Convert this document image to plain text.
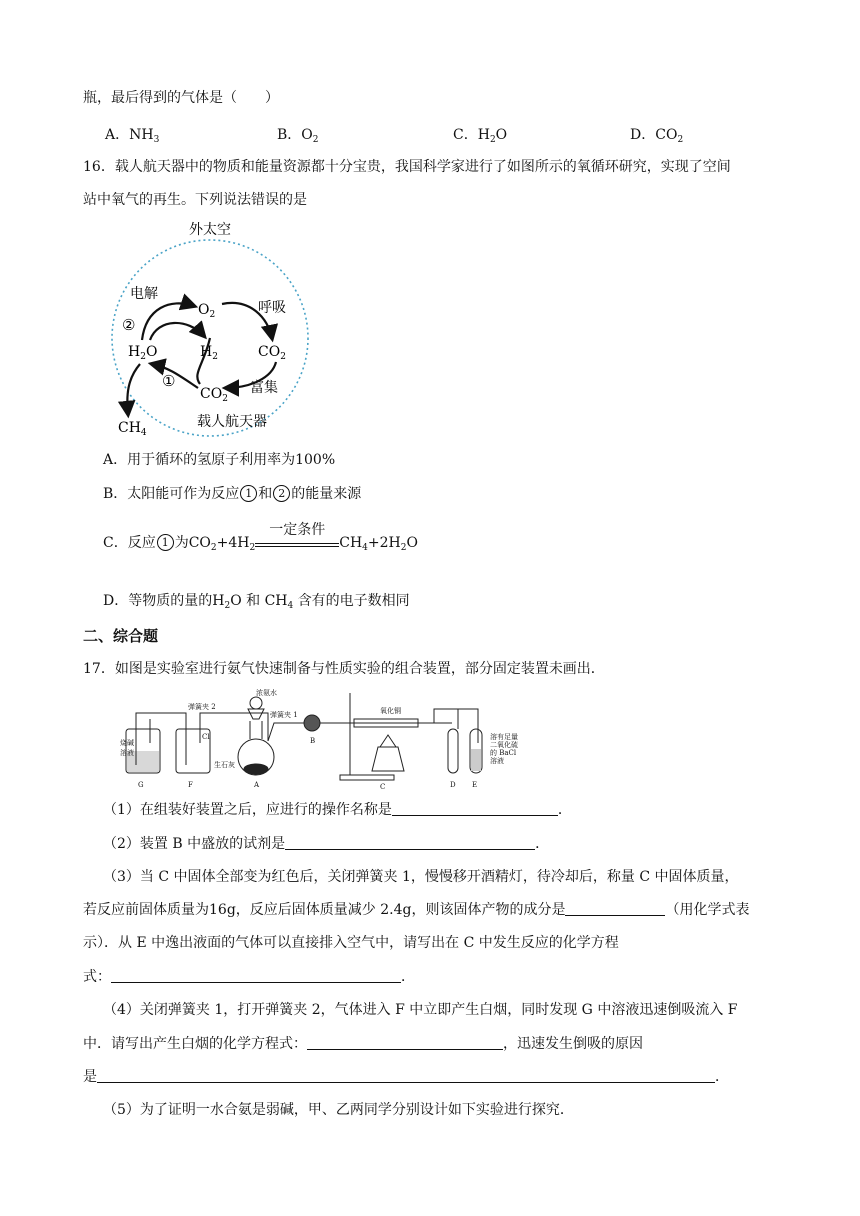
瓶，最后得到的气体是（　　）
A．$NH_3$	B．$O_2$	C．$H_2O$	D．$CO_2$
16．载人航天器中的物质和能量资源都十分宝贵，我国科学家进行了如图所示的氧循环研究，实现了空间
站中氧气的再生。下列说法错误的是
外太空
电解
呼吸
富集
载人航天器
②
①
$O_2$
$H_2O$	$H_2$	$CO_2$
$CO_2$
$CH_4$
A．用于循环的氢原子利用率为100%
B．太阳能可作为反应 1 和 2 的能量来源
C．反应 1 为$CO_2+4H_2$
一定条件
$CH_4+2H_2O$
D．等物质的量的$H_2O$ 和 $CH_4$ 含有的电子数相同
二、综合题
17．如图是实验室进行氨气快速制备与性质实验的组合装置，部分固定装置未画出．
浓氨水
弹簧夹 2
弹簧夹 1	氧化铜
烧碱
溶液
Cl
生石灰
溶有足量
二氧化硫
的 BaCl
溶液
G	F	A
B
C	D E
（1）在组装好装置之后，应进行的操作名称是	．
（2）装置 B 中盛放的试剂是	．
（3）当 C 中固体全部变为红色后，关闭弹簧夹 1，慢慢移开酒精灯，待冷却后，称量 C 中固体质量，
若反应前固体质量为16g，反应后固体质量减少 2.4g，则该固体产物的成分是	（用化学式表
示）．从 E 中逸出液面的气体可以直接排入空气中，请写出在 C 中发生反应的化学方程
式：	．
（4）关闭弹簧夹 1，打开弹簧夹 2，气体进入 F 中立即产生白烟，同时发现 G 中溶液迅速倒吸流入 F
中．请写出产生白烟的化学方程式：	，迅速发生倒吸的原因
是	．
（5）为了证明一水合氨是弱碱，甲、乙两同学分别设计如下实验进行探究．
